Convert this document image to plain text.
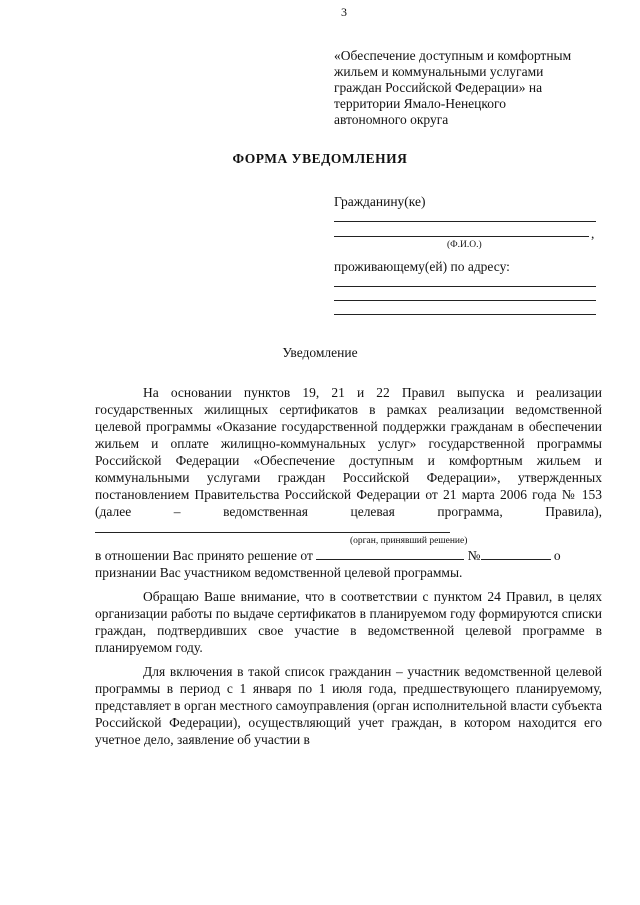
3
«Обеспечение доступным и комфортным
жильем и коммунальными услугами
граждан Российской Федерации» на
территории Ямало-Ненецкого
автономного округа
ФОРМА УВЕДОМЛЕНИЯ
Гражданину(ке)
,
(Ф.И.О.)
проживающему(ей) по адресу:
Уведомление

На основании пунктов 19, 21 и 22 Правил выпуска и реализации государственных жилищных сертификатов в рамках реализации ведомственной целевой программы «Оказание государственной поддержки гражданам в обеспечении жильем и оплате жилищно-коммунальных услуг» государственной программы Российской Федерации «Обеспечение доступным и комфортным жильем и коммунальными услугами граждан Российской Федерации», утвержденных постановлением Правительства Российской Федерации от 21 марта 2006 года № 153 (далее – ведомственная целевая программа, Правила),

(орган, принявший решение)

в отношении Вас принято решение от	№	о

признании Вас участником ведомственной целевой программы.

Обращаю Ваше внимание, что в соответствии с пунктом 24 Правил, в целях организации работы по выдаче сертификатов в планируемом году формируются списки граждан, подтвердивших свое участие в ведомственной целевой программе в планируемом году.

Для включения в такой список гражданин – участник ведомственной целевой программы в период с 1 января по 1 июля года, предшествующего планируемому, представляет в орган местного самоуправления (орган исполнительной власти субъекта Российской Федерации), осуществляющий учет граждан, в котором находится его учетное дело, заявление об участии в
